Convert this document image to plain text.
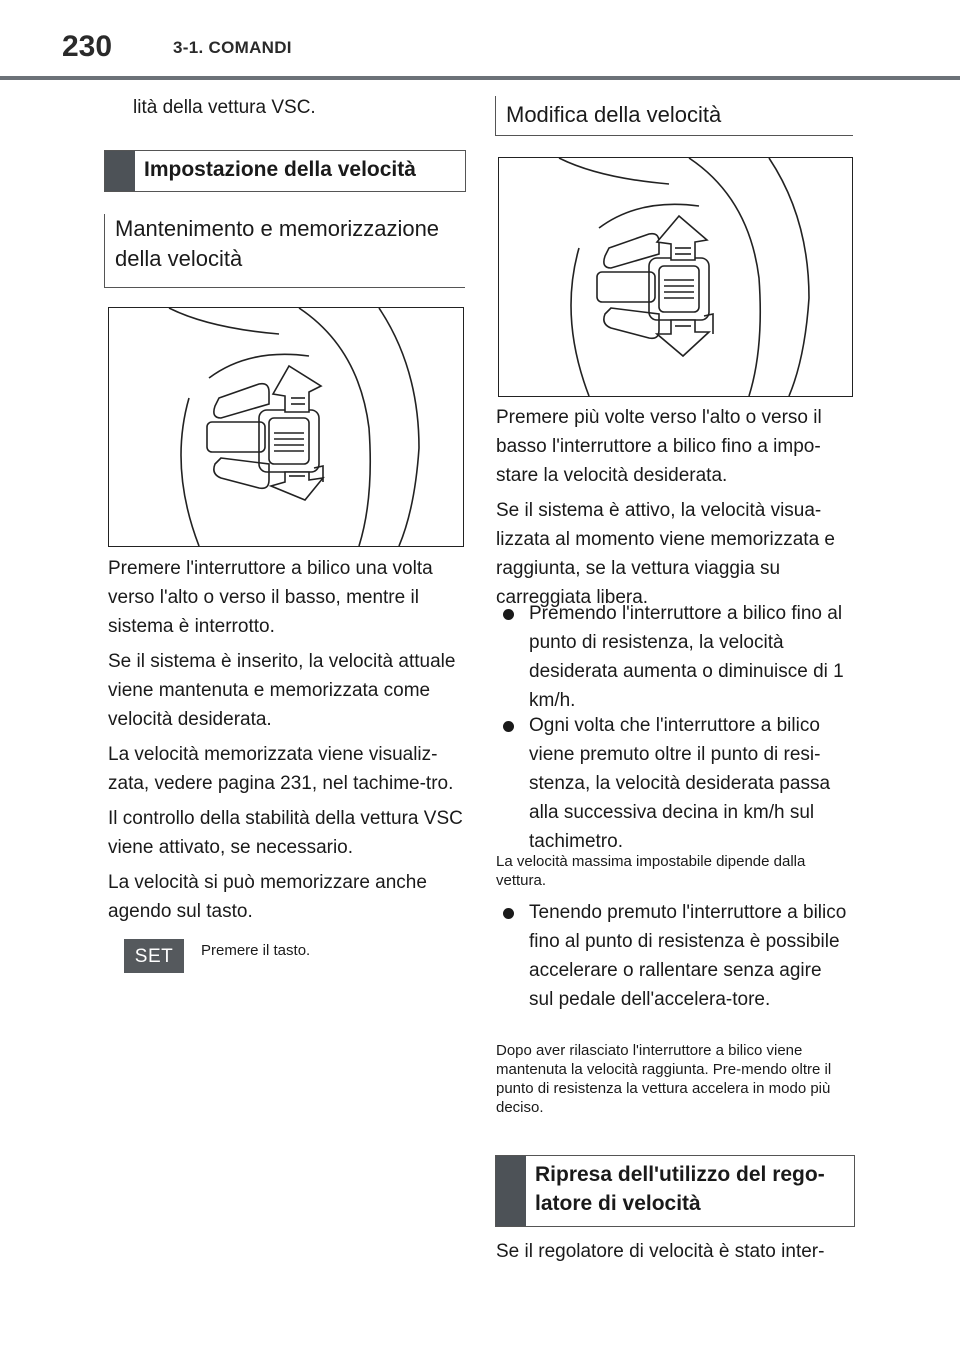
230	3-1. COMANDI

lità della vettura VSC.

Impostazione della velocità
Mantenimento e memorizzazione della velocità

Premere l'interruttore a bilico una volta verso l'alto o verso il basso, mentre il sistema è interrotto.

Se il sistema è inserito, la velocità attuale viene mantenuta e memorizzata come velocità desiderata.

La velocità memorizzata viene visualiz-zata, vedere pagina 231, nel tachime-tro.

Il controllo della stabilità della vettura VSC viene attivato, se necessario.

La velocità si può memorizzare anche agendo sul tasto.

SET	Premere il tasto.

Modifica della velocità

Premere più volte verso l'alto o verso il basso l'interruttore a bilico fino a impo-stare la velocità desiderata.

Se il sistema è attivo, la velocità visua-lizzata al momento viene memorizzata e raggiunta, se la vettura viaggia su carreggiata libera.

Premendo l'interruttore a bilico fino al punto di resistenza, la velocità desiderata aumenta o diminuisce di 1 km/h.
Ogni volta che l'interruttore a bilico viene premuto oltre il punto di resi-stenza, la velocità desiderata passa alla successiva decina in km/h sul tachimetro.

La velocità massima impostabile dipende dalla vettura.

Tenendo premuto l'interruttore a bilico fino al punto di resistenza è possibile accelerare o rallentare senza agire sul pedale dell'accelera-tore.

Dopo aver rilasciato l'interruttore a bilico viene mantenuta la velocità raggiunta. Pre-mendo oltre il punto di resistenza la vettura accelera in modo più deciso.

Ripresa dell'utilizzo del rego-latore di velocità

Se il regolatore di velocità è stato inter-
